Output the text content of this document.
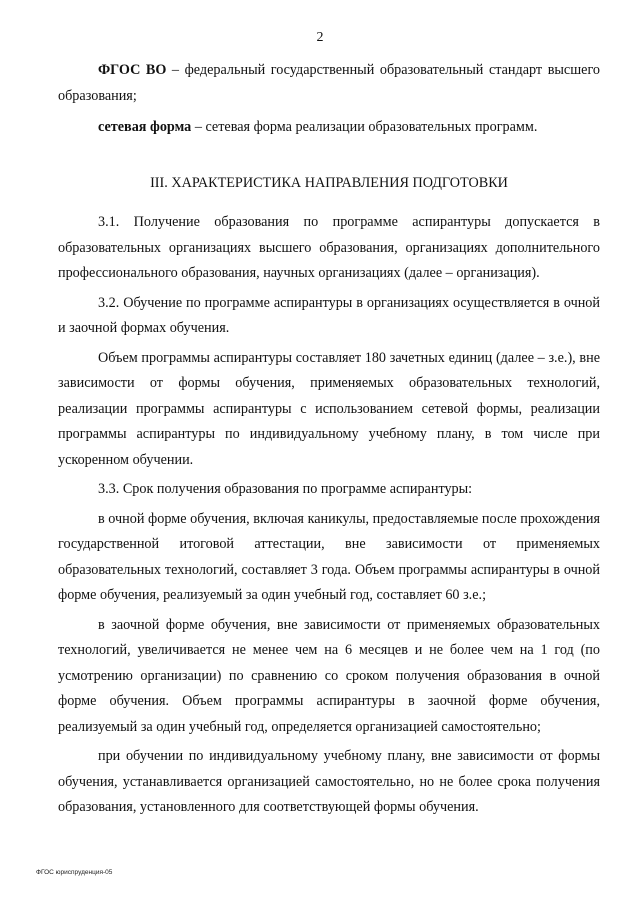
2

ФГОС ВО – федеральный государственный образовательный стандарт высшего образования;

сетевая форма – сетевая форма реализации образовательных программ.

III. ХАРАКТЕРИСТИКА НАПРАВЛЕНИЯ ПОДГОТОВКИ

3.1. Получение образования по программе аспирантуры допускается в образовательных организациях высшего образования, организациях дополнительного профессионального образования, научных организациях (далее – организация).

3.2. Обучение по программе аспирантуры в организациях осуществляется в очной и заочной формах обучения.

Объем программы аспирантуры составляет 180 зачетных единиц (далее – з.е.), вне зависимости от формы обучения, применяемых образовательных технологий, реализации программы аспирантуры с использованием сетевой формы, реализации программы аспирантуры по индивидуальному учебному плану, в том числе при ускоренном обучении.

3.3. Срок получения образования по программе аспирантуры:

в очной форме обучения, включая каникулы, предоставляемые после прохождения государственной итоговой аттестации, вне зависимости от применяемых образовательных технологий, составляет 3 года. Объем программы аспирантуры в очной форме обучения, реализуемый за один учебный год, составляет 60 з.е.;

в заочной форме обучения, вне зависимости от применяемых образовательных технологий, увеличивается не менее чем на 6 месяцев и не более чем на 1 год (по усмотрению организации) по сравнению со сроком получения образования в очной форме обучения. Объем программы аспирантуры в заочной форме обучения, реализуемый за один учебный год, определяется организацией самостоятельно;

при обучении по индивидуальному учебному плану, вне зависимости от формы обучения, устанавливается организацией самостоятельно, но не более срока получения образования, установленного для соответствующей формы обучения.

ФГОС юриспруденция-05
